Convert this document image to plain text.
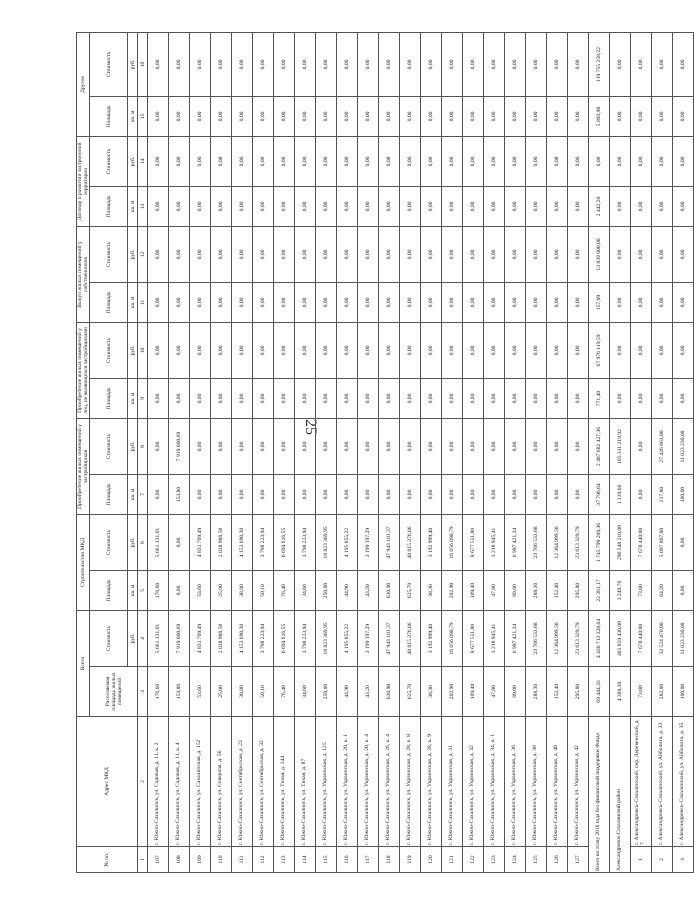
25
№ пп.	Адрес МКД	Всего		Строительство МКД		Приобретение жилых помещений у застройщиков		Приобретение жилых помещений у лиц, не являющихся застройщиками		Выкуп жилых помещений у собственников		Договор о развитии застроенной территории		Другое	
		Расселяемая площадь жилых помещений	Стоимость	Площадь	Стоимость	Площадь	Стоимость	Площадь	Стоимость	Площадь	Стоимость	Площадь	Стоимость	Площадь	Стоимость
			руб.	кв. м	руб.	кв. м	руб.	кв. м	руб.	кв. м	руб.	кв. м	руб.	кв. м	руб.
1	2	3	4	5	6	7	8	9	10	11	12	13	14	15	16
107	г. Южно-Сахалинск, ул. Садовая, д. 11, к. 2	176,60	5 661 131,01	176,60	5 661 131,01	0,00	0,00	0,00	0,00	0,00	0,00	0,00	0,00	0,00	0,00
108	г. Южно-Сахалинск, ул. Садовая, д. 11, к. 4	153,80	7 919 000,69	0,00	0,00	153,80	7 919 000,69	0,00	0,00	0,00	0,00	0,00	0,00	0,00	0,00
109	г. Южно-Сахалинск, ул. Сахалинская, д. 152	53,60	4 831 709,49	53,60	4 831 709,49	0,00	0,00	0,00	0,00	0,00	0,00	0,00	0,00	0,00	0,00
110	г. Южно-Сахалинск, ул. Северная, д. 56	25,00	2 038 988,58	25,00	2 038 988,58	0,00	0,00	0,00	0,00	0,00	0,00	0,00	0,00	0,00	0,00
111	г. Южно-Сахалинск, ул. Сентябрьская, д. 23	38,80	4 153 690,30	38,80	4 153 690,30	0,00	0,00	0,00	0,00	0,00	0,00	0,00	0,00	0,00	0,00
112	г. Южно-Сахалинск, ул. Сентябрьская, д. 32	50,10	3 798 223,94	50,10	3 798 223,94	0,00	0,00	0,00	0,00	0,00	0,00	0,00	0,00	0,00	0,00
113	г. Южно-Сахалинск, ул. Тихая, д. 144	76,40	6 694 616,55	76,40	6 694 616,55	0,00	0,00	0,00	0,00	0,00	0,00	0,00	0,00	0,00	0,00
114	г. Южно-Сахалинск, ул. Тихая, д. 87	34,60	3 798 223,94	34,60	3 798 223,94	0,00	0,00	0,00	0,00	0,00	0,00	0,00	0,00	0,00	0,00
115	г. Южно-Сахалинск, ул. Украинская, д. 125	250,00	18 823 369,95	250,00	18 823 369,95	0,00	0,00	0,00	0,00	0,00	0,00	0,00	0,00	0,00	0,00
116	г. Южно-Сахалинск, ул. Украинская, д. 20, к. 1	44,90	4 195 855,22	44,90	4 195 855,22	0,00	0,00	0,00	0,00	0,00	0,00	0,00	0,00	0,00	0,00
117	г. Южно-Сахалинск, ул. Украинская, д. 20, к. 4	43,20	3 199 197,29	43,20	3 199 197,29	0,00	0,00	0,00	0,00	0,00	0,00	0,00	0,00	0,00	0,00
118	г. Южно-Сахалинск, ул. Украинская, д. 26, к. 4	630,90	47 943 101,37	630,90	47 943 101,37	0,00	0,00	0,00	0,00	0,00	0,00	0,00	0,00	0,00	0,00
119	г. Южно-Сахалинск, ул. Украинская, д. 28, к. 8	625,70	48 815 376,66	625,70	48 815 376,66	0,00	0,00	0,00	0,00	0,00	0,00	0,00	0,00	0,00	0,00
120	г. Южно-Сахалинск, ул. Украинская, д. 28, к. 9	38,30	3 192 999,40	38,30	3 192 999,40	0,00	0,00	0,00	0,00	0,00	0,00	0,00	0,00	0,00	0,00
121	г. Южно-Сахалинск, ул. Украинская, д. 31	202,90	16 656 890,79	202,90	16 656 890,79	0,00	0,00	0,00	0,00	0,00	0,00	0,00	0,00	0,00	0,00
122	г. Южно-Сахалинск, ул. Украинская, д. 32	109,40	8 677 511,80	109,40	8 677 511,80	0,00	0,00	0,00	0,00	0,00	0,00	0,00	0,00	0,00	0,00
123	г. Южно-Сахалинск, ул. Украинская, д. 34, к. 1	47,80	3 218 945,41	47,80	3 218 945,41	0,00	0,00	0,00	0,00	0,00	0,00	0,00	0,00	0,00	0,00
124	г. Южно-Сахалинск, ул. Украинская, д. 36	89,00	6 997 421,34	89,00	6 997 421,34	0,00	0,00	0,00	0,00	0,00	0,00	0,00	0,00	0,00	0,00
125	г. Южно-Сахалинск, ул. Украинская, д. 38	288,30	23 766 533,68	288,30	23 766 533,68	0,00	0,00	0,00	0,00	0,00	0,00	0,00	0,00	0,00	0,00
126	г. Южно-Сахалинск, ул. Украинская, д. 40	152,40	12 364 999,50	152,40	12 364 999,50	0,00	0,00	0,00	0,00	0,00	0,00	0,00	0,00	0,00	0,00
127	г. Южно-Сахалинск, ул. Украинская, д. 42	295,80	23 613 329,79	295,80	23 613 329,79	0,00	0,00	0,00	0,00	0,00	0,00	0,00	0,00	0,00	0,00
Всего по этапу 2016 года без финансовой поддержки Фонда		69 444,33	4 430 713 328,64	22 361,17	1 745 799 209,36	37 796,64	2 487 682 427,36	771,40	67 976 119,59	157,99	13 839 000,00	2 442,20	0,00	5 893,90	119 755 258,22
Александровск-Сахалинский район		4 389,30	401 859 430,00	3 249,70	296 548 210,00	1 139,60	105 311 219,92	0,00	0,00	0,00	0,00	0,00	0,00	0,00	0,00
1	г. Александровск-Сахалинский, пер. Деревенский, д. 7	73,00	7 678 440,00	73,00	7 678 440,00	0,00	0,00	0,00	0,00	0,00	0,00	0,00	0,00	0,00	0,00
2	г. Александровск-Сахалинский, ул. Айболита, д. 33	282,00	32 524 470,00	64,20	5 097 807,00	217,80	27 426 663,00	0,00	0,00	0,00	0,00	0,00	0,00	0,00	0,00
3	г. Александровск-Сахалинский, ул. Айболита, д. 35	100,00	11 023 230,00	0,00	0,00	100,00	11 023 230,00	0,00	0,00	0,00	0,00	0,00	0,00	0,00	0,00
